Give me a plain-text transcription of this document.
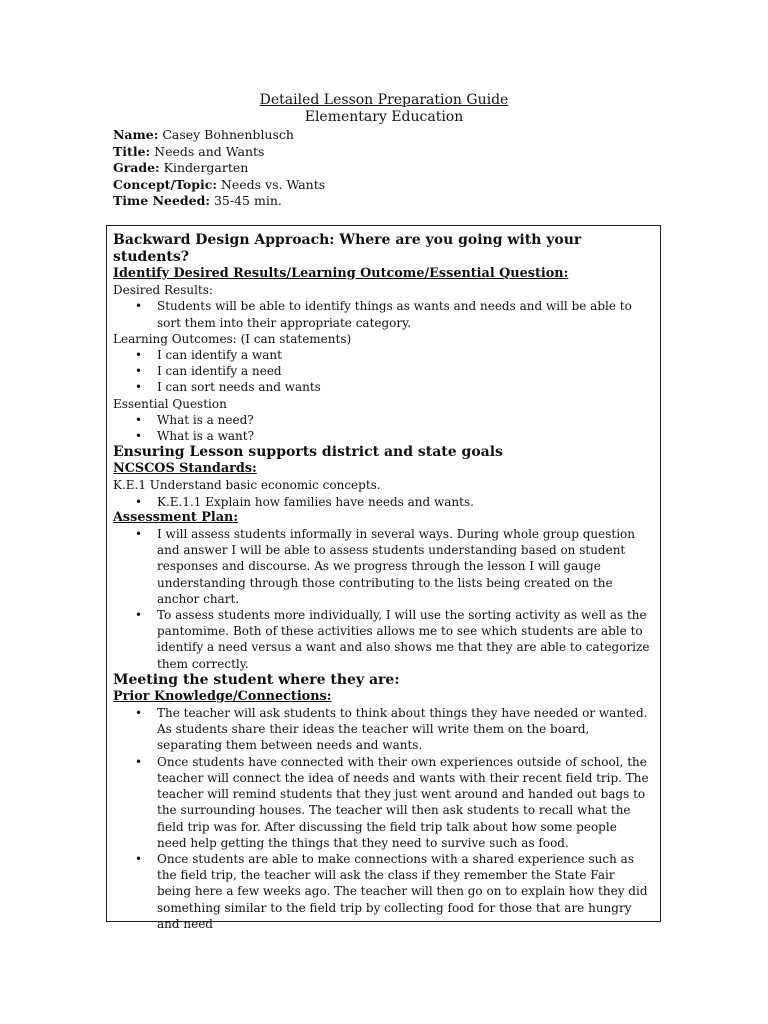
Detailed Lesson Preparation Guide
Elementary Education
Name: Casey Bohnenblusch
Title: Needs and Wants
Grade: Kindergarten
Concept/Topic: Needs vs. Wants
Time Needed: 35-45 min.
Backward Design Approach: Where are you going with your students?
Identify Desired Results/Learning Outcome/Essential Question:
Desired Results:
• Students will be able to identify things as wants and needs and will be able to sort them into their appropriate category.
Learning Outcomes: (I can statements)
• I can identify a want
• I can identify a need
• I can sort needs and wants
Essential Question
• What is a need?
• What is a want?
Ensuring Lesson supports district and state goals
NCSCOS Standards:
K.E.1 Understand basic economic concepts.
• K.E.1.1 Explain how families have needs and wants.
Assessment Plan:
• I will assess students informally in several ways. During whole group question and answer I will be able to assess students understanding based on student responses and discourse. As we progress through the lesson I will gauge understanding through those contributing to the lists being created on the anchor chart.
• To assess students more individually, I will use the sorting activity as well as the pantomime. Both of these activities allows me to see which students are able to identify a need versus a want and also shows me that they are able to categorize them correctly.
Meeting the student where they are:
Prior Knowledge/Connections:
• The teacher will ask students to think about things they have needed or wanted. As students share their ideas the teacher will write them on the board, separating them between needs and wants.
• Once students have connected with their own experiences outside of school, the teacher will connect the idea of needs and wants with their recent field trip. The teacher will remind students that they just went around and handed out bags to the surrounding houses. The teacher will then ask students to recall what the field trip was for. After discussing the field trip talk about how some people need help getting the things that they need to survive such as food.
• Once students are able to make connections with a shared experience such as the field trip, the teacher will ask the class if they remember the State Fair being here a few weeks ago. The teacher will then go on to explain how they did something similar to the field trip by collecting food for those that are hungry and need
